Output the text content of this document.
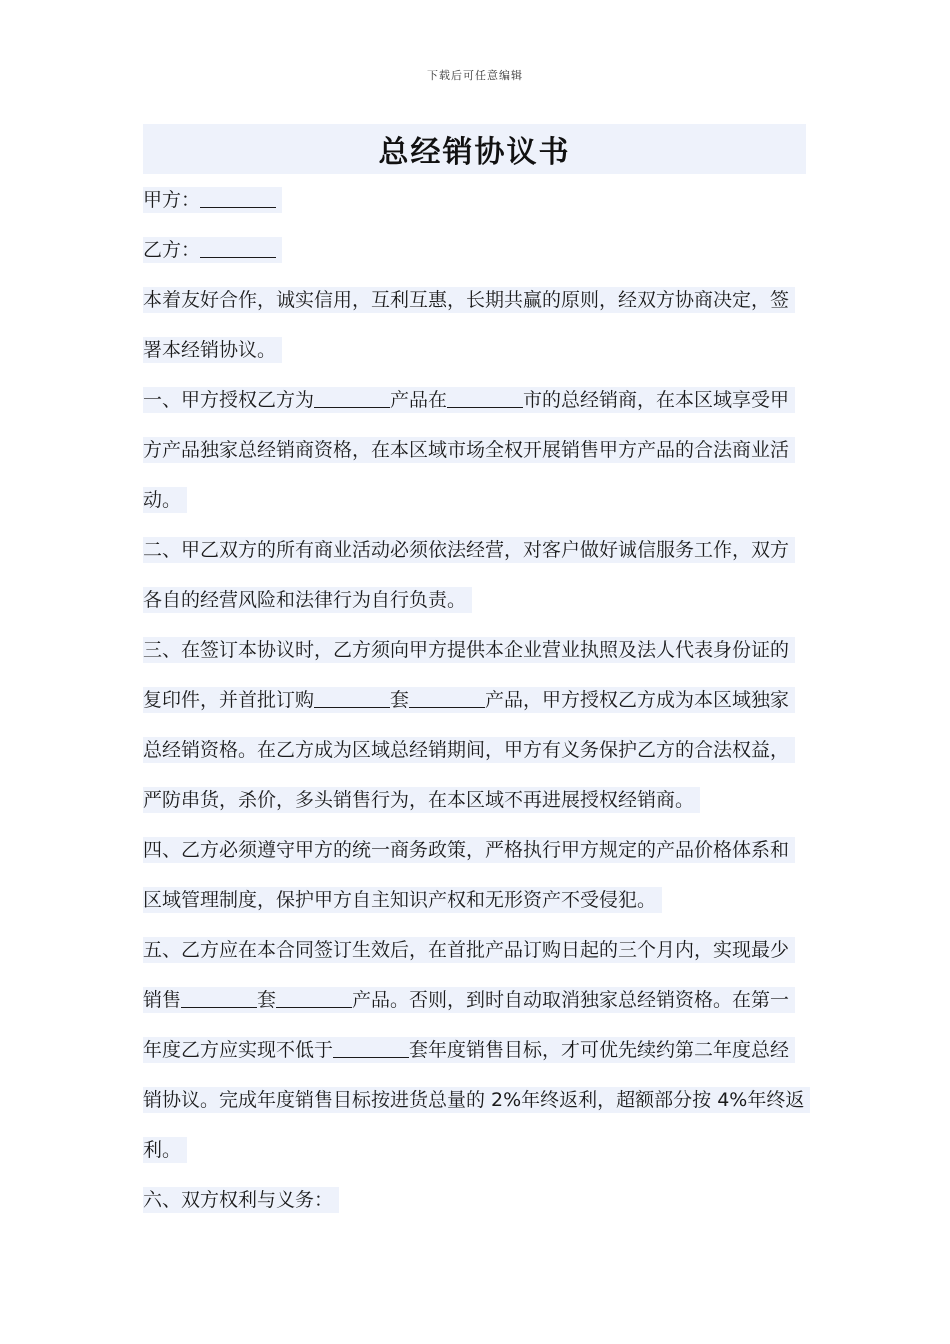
下载后可任意编辑
总经销协议书
甲方：
乙方：
本着友好合作，诚实信用，互利互惠，长期共赢的原则，经双方协商决定，签
署本经销协议。
一、甲方授权乙方为	产品在	市的总经销商，在本区域享受甲
方产品独家总经销商资格，在本区域市场全权开展销售甲方产品的合法商业活
动。
二、甲乙双方的所有商业活动必须依法经营，对客户做好诚信服务工作，双方
各自的经营风险和法律行为自行负责。
三、在签订本协议时，乙方须向甲方提供本企业营业执照及法人代表身份证的
复印件，并首批订购	套	产品，甲方授权乙方成为本区域独家
总经销资格。在乙方成为区域总经销期间，甲方有义务保护乙方的合法权益，
严防串货，杀价，多头销售行为，在本区域不再进展授权经销商。
四、乙方必须遵守甲方的统一商务政策，严格执行甲方规定的产品价格体系和
区域管理制度，保护甲方自主知识产权和无形资产不受侵犯。
五、乙方应在本合同签订生效后，在首批产品订购日起的三个月内，实现最少
销售	套	产品。否则，到时自动取消独家总经销资格。在第一
年度乙方应实现不低于	套年度销售目标，才可优先续约第二年度总经
销协议。完成年度销售目标按进货总量的 2%年终返利，超额部分按 4%年终返
利。
六、双方权利与义务：
